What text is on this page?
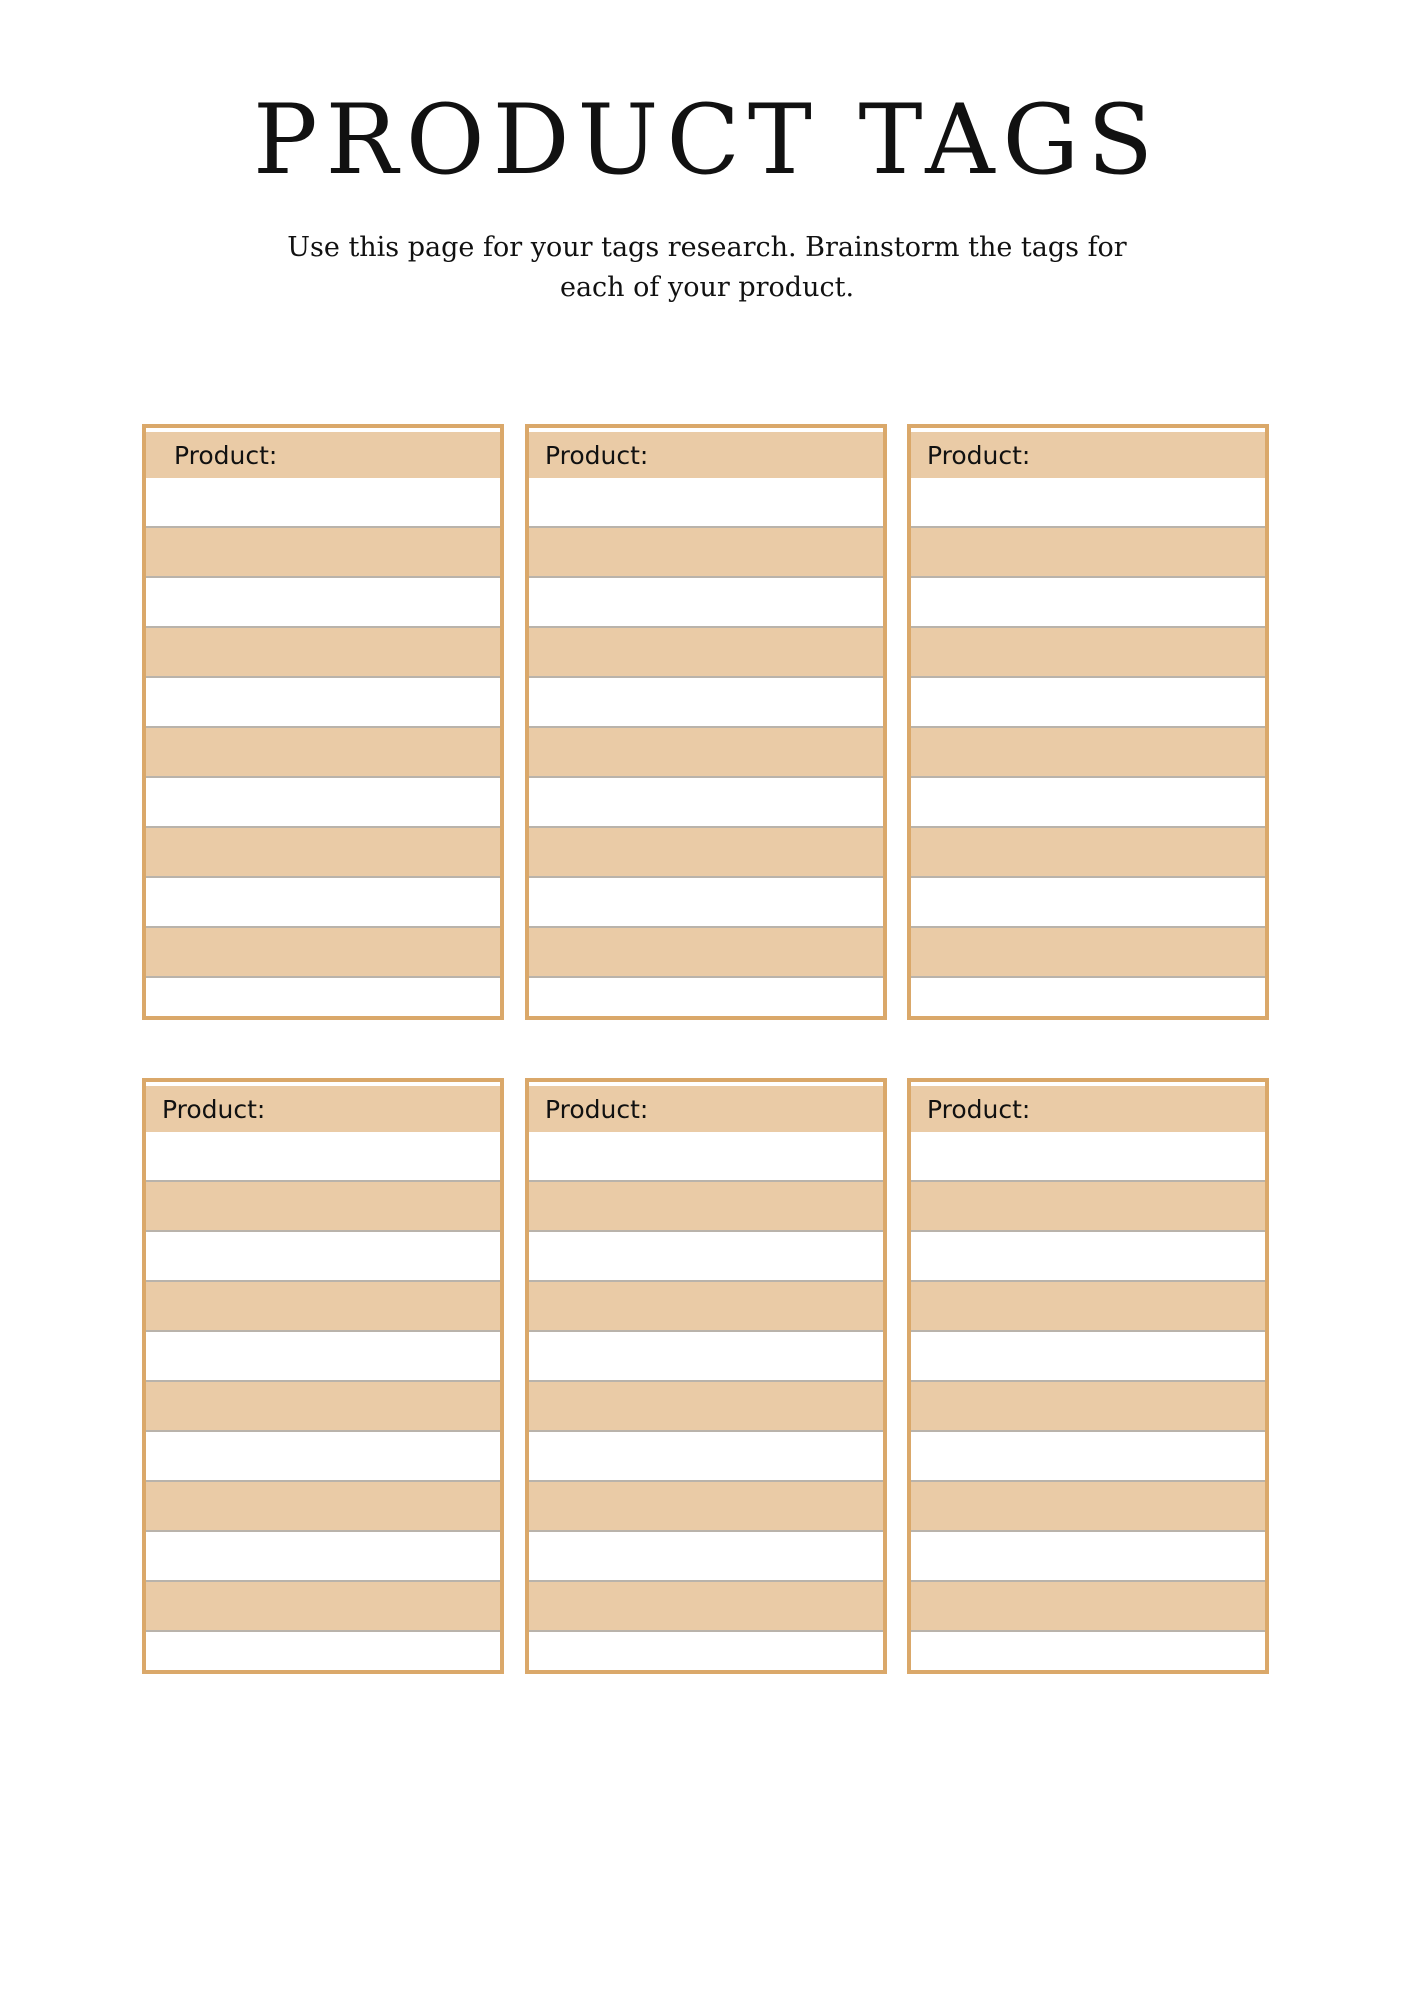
PRODUCT TAGS

Use this page for your tags research. Brainstorm the tags for each of your product.

Product:	Product:	Product:
Product:	Product:	Product:
